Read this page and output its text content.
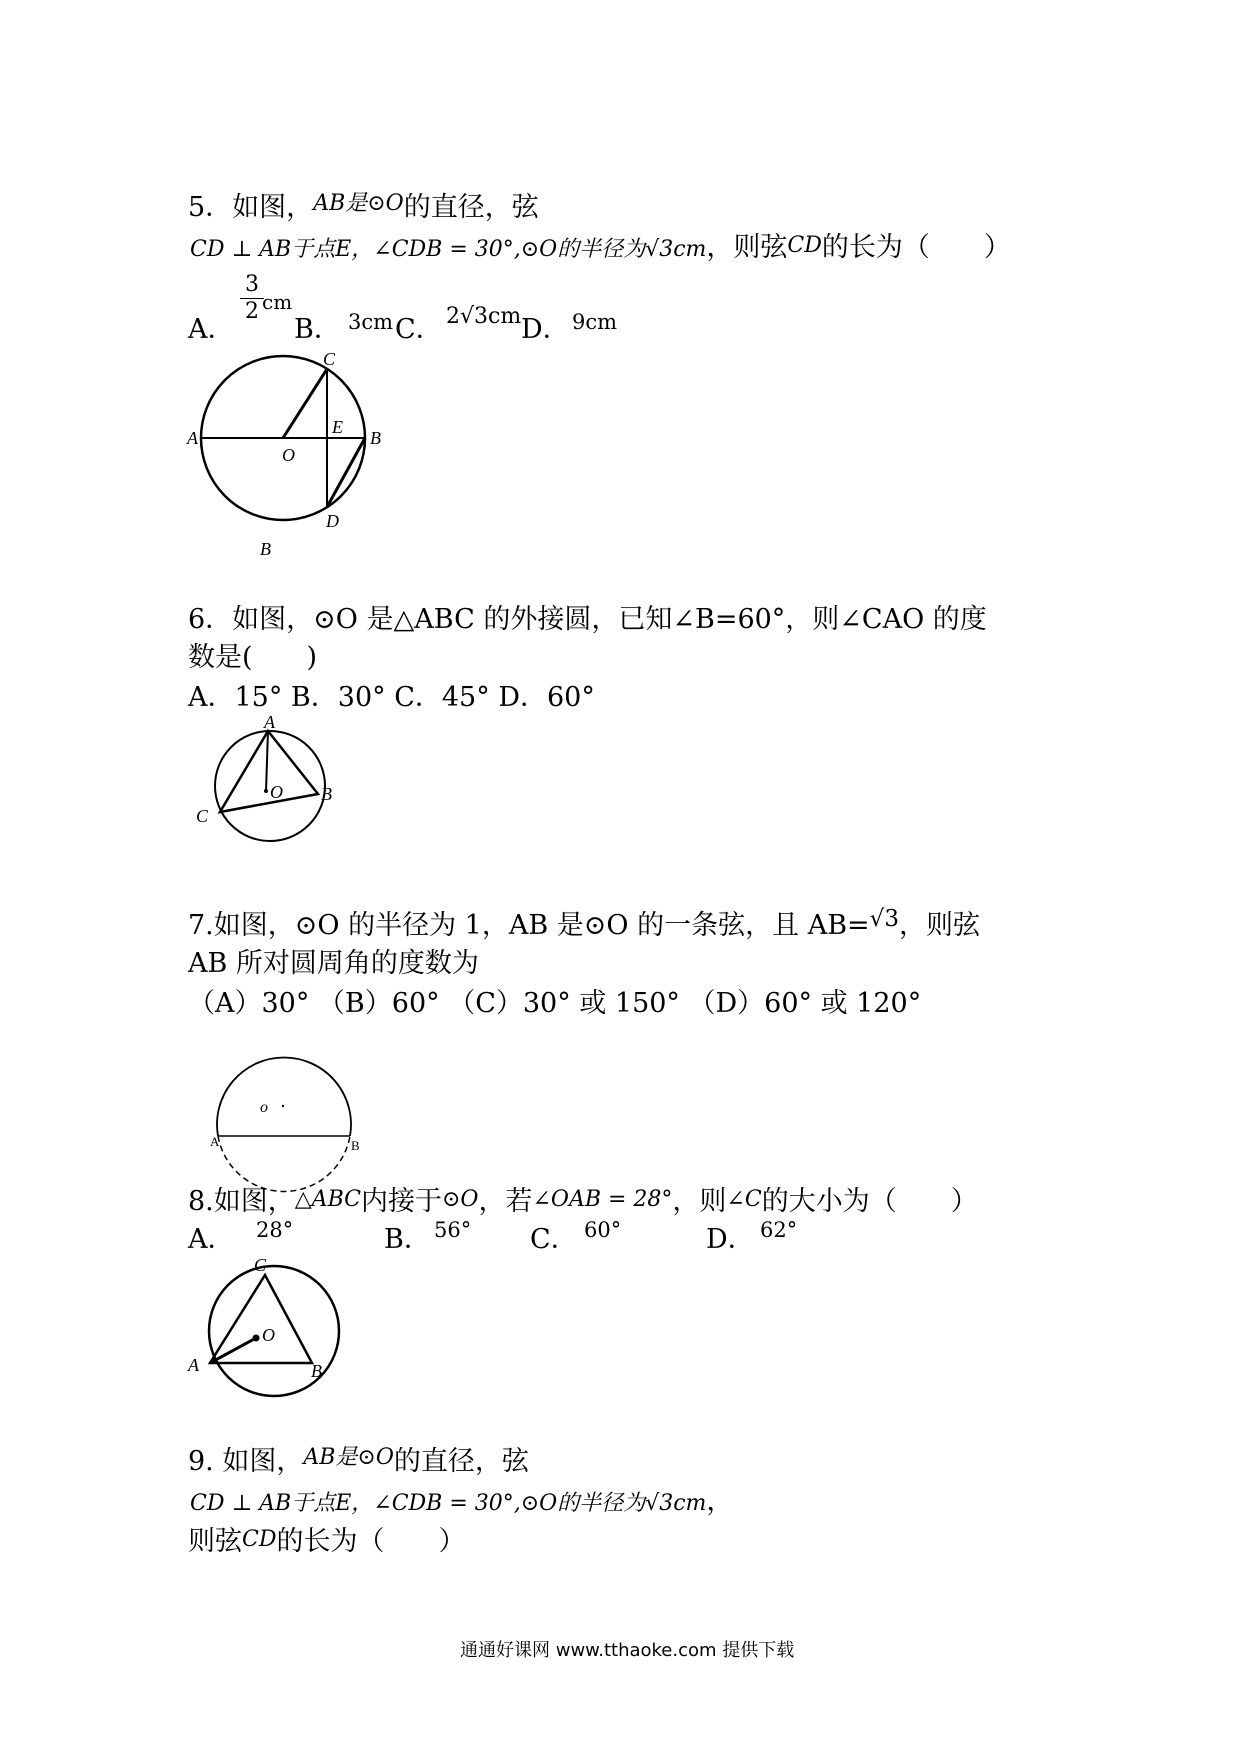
5．如图，$^{AB是⊙O}$的直径，弦
CD ⊥ AB于点E，∠CDB = 30°,⊙O的半径为√3cm，则弦CD的长为（　　）
A．
3
2 cm
B． 3cm C． 2√3cm D． 9cm
C
A	B
E
O
D
B
6．如图，⊙O 是△ABC 的外接圆，已知∠B=60°，则∠CAO 的度
数是(　　)
A．15° B．30° C．45° D．60°
A
B
C
O
7.如图，⊙O 的半径为 1，AB 是⊙O 的一条弦，且 AB=√3，则弦
AB 所对圆周角的度数为
（A）30° （B）60° （C）30° 或 150° （D）60° 或 120°
o
A	B
8.如图，△ABC内接于⊙O，若∠OAB = 28°，则∠C的大小为（　　）
A． 28°	B． 56° C． 60°	D． 62°
C
O
A	B
9. 如图，$^{AB是⊙O}$的直径，弦
CD ⊥ AB于点E，∠CDB = 30°,⊙O的半径为√3cm，
则弦CD的长为（　　）
通通好课网 www.tthaoke.com 提供下载
